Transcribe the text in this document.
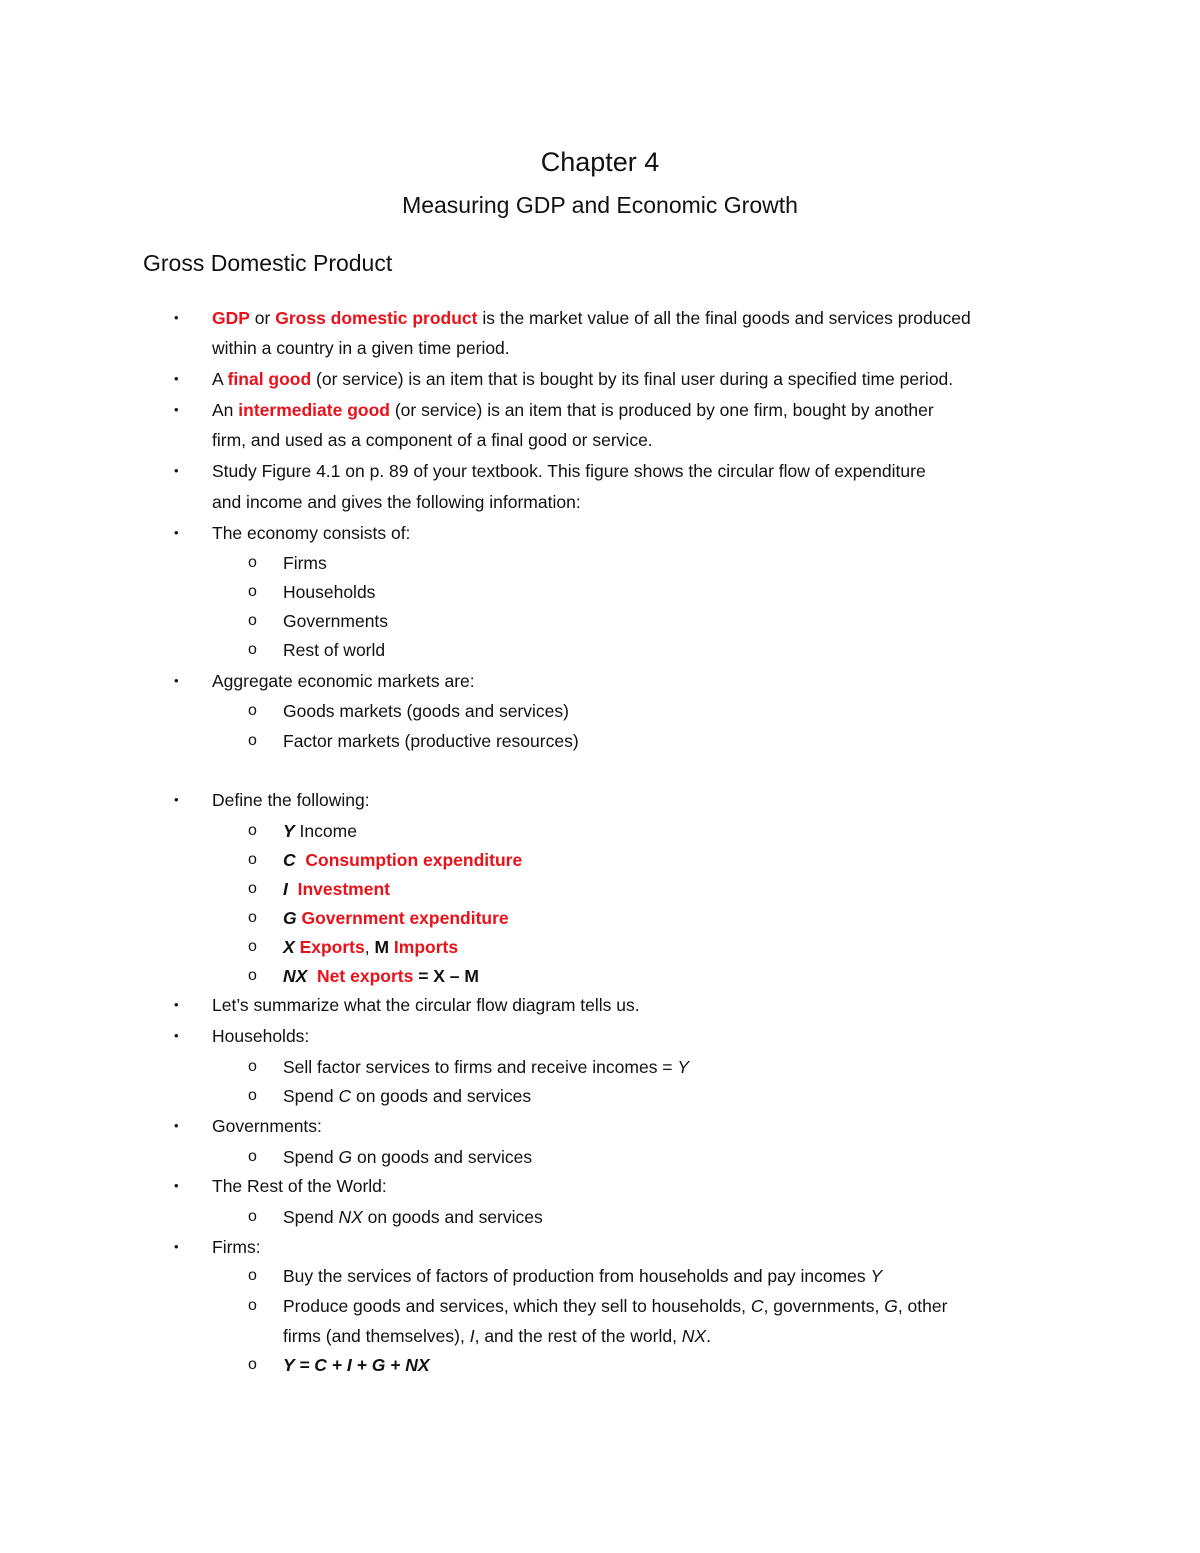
Chapter 4
Measuring GDP and Economic Growth
Gross Domestic Product
• GDP or Gross domestic product is the market value of all the final goods and services produced
within a country in a given time period.
• A final good (or service) is an item that is bought by its final user during a specified time period.
• An intermediate good (or service) is an item that is produced by one firm, bought by another
firm, and used as a component of a final good or service.
• Study Figure 4.1 on p. 89 of your textbook. This figure shows the circular flow of expenditure
and income and gives the following information:
• The economy consists of:
o Firms
o Households
o Governments
o Rest of world
• Aggregate economic markets are:
o Goods markets (goods and services)
o Factor markets (productive resources)
• Define the following:
o Y Income
o C Consumption expenditure
o I Investment
o G Government expenditure
o X Exports, M Imports
o NX Net exports = X – M
• Let’s summarize what the circular flow diagram tells us.
• Households:
o Sell factor services to firms and receive incomes = Y
o Spend C on goods and services
• Governments:
o Spend G on goods and services
• The Rest of the World:
o Spend NX on goods and services
• Firms:
o Buy the services of factors of production from households and pay incomes Y
o Produce goods and services, which they sell to households, C, governments, G, other
firms (and themselves), I, and the rest of the world, NX.
o Y = C + I + G + NX
